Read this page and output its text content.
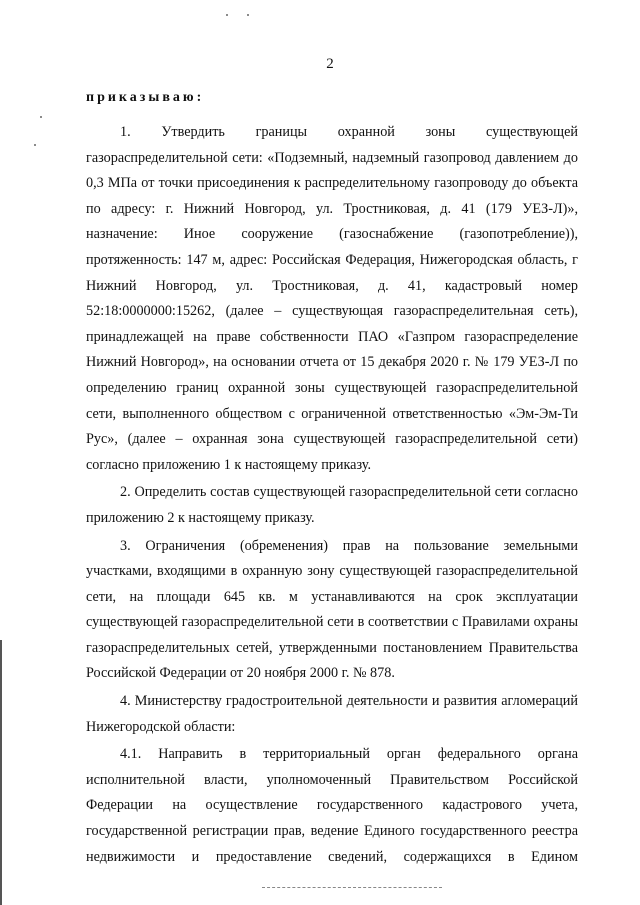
2
приказываю:

1. Утвердить границы охранной зоны существующей газораспределительной сети: «Подземный, надземный газопровод давлением до 0,3 МПа от точки присоединения к распределительному газопроводу до объекта по адресу: г. Нижний Новгород, ул. Тростниковая, д. 41 (179 УЕЗ-Л)», назначение: Иное сооружение (газоснабжение (газопотребление)), протяженность: 147 м, адрес: Российская Федерация, Нижегородская область, г Нижний Новгород, ул. Тростниковая, д. 41, кадастровый номер 52:18:0000000:15262, (далее – существующая газораспределительная сеть), принадлежащей на праве собственности ПАО «Газпром газораспределение Нижний Новгород», на основании отчета от 15 декабря 2020 г. № 179 УЕЗ-Л по определению границ охранной зоны существующей газораспределительной сети, выполненного обществом с ограниченной ответственностью «Эм-Эм-Ти Рус», (далее – охранная зона существующей газораспределительной сети) согласно приложению 1 к настоящему приказу.

2. Определить состав существующей газораспределительной сети согласно приложению 2 к настоящему приказу.

3. Ограничения (обременения) прав на пользование земельными участками, входящими в охранную зону существующей газораспределительной сети, на площади 645 кв. м устанавливаются на срок эксплуатации существующей газораспределительной сети в соответствии с Правилами охраны газораспределительных сетей, утвержденными постановлением Правительства Российской Федерации от 20 ноября 2000 г. № 878.

4. Министерству градостроительной деятельности и развития агломераций Нижегородской области:

4.1. Направить в территориальный орган федерального органа исполнительной власти, уполномоченный Правительством Российской Федерации на осуществление государственного кадастрового учета, государственной регистрации прав, ведение Единого государственного реестра недвижимости и предоставление сведений, содержащихся в Едином
